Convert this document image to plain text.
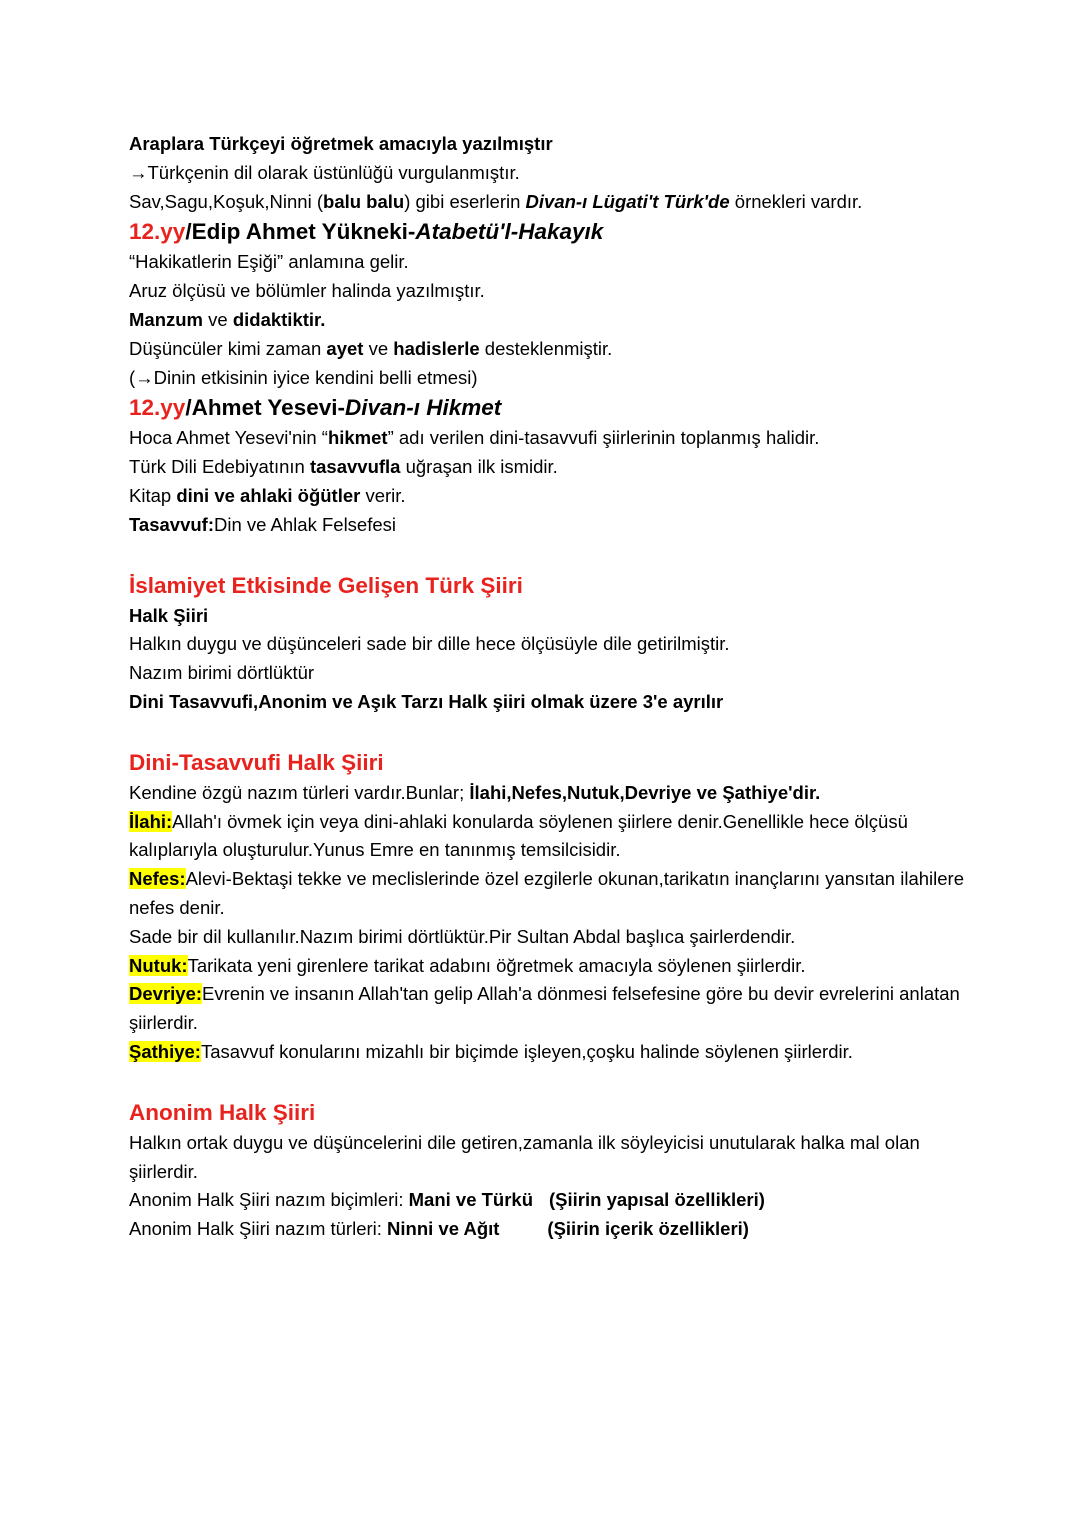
Araplara Türkçeyi öğretmek amacıyla yazılmıştır
→Türkçenin dil olarak üstünlüğü vurgulanmıştır.
Sav,Sagu,Koşuk,Ninni (balu balu) gibi eserlerin Divan-ı Lügati't Türk'de örnekleri vardır.
12.yy/Edip Ahmet Yükneki-Atabetü'l-Hakayık
“Hakikatlerin Eşiği” anlamına gelir.
Aruz ölçüsü ve bölümler halinda yazılmıştır.
Manzum ve didaktiktir.
Düşüncüler kimi zaman ayet ve hadislerle desteklenmiştir.
(→Dinin etkisinin iyice kendini belli etmesi)
12.yy/Ahmet Yesevi-Divan-ı Hikmet
Hoca Ahmet Yesevi'nin “hikmet” adı verilen dini-tasavvufi şiirlerinin toplanmış halidir.
Türk Dili Edebiyatının tasavvufla uğraşan ilk ismidir.
Kitap dini ve ahlaki öğütler verir.
Tasavvuf:Din ve Ahlak Felsefesi
İslamiyet Etkisinde Gelişen Türk Şiiri
Halk Şiiri
Halkın duygu ve düşünceleri sade bir dille hece ölçüsüyle dile getirilmiştir.
Nazım birimi dörtlüktür
Dini Tasavvufi,Anonim ve Aşık Tarzı Halk şiiri olmak üzere 3'e ayrılır
Dini-Tasavvufi Halk Şiiri
Kendine özgü nazım türleri vardır.Bunlar; İlahi,Nefes,Nutuk,Devriye ve Şathiye'dir.
İlahi:Allah'ı övmek için veya dini-ahlaki konularda söylenen şiirlere denir.Genellikle hece ölçüsü kalıplarıyla oluşturulur.Yunus Emre en tanınmış temsilcisidir.
Nefes:Alevi-Bektaşi tekke ve meclislerinde özel ezgilerle okunan,tarikatın inançlarını yansıtan ilahilere nefes denir.
Sade bir dil kullanılır.Nazım birimi dörtlüktür.Pir Sultan Abdal başlıca şairlerdendir.
Nutuk:Tarikata yeni girenlere tarikat adabını öğretmek amacıyla söylenen şiirlerdir.
Devriye:Evrenin ve insanın Allah'tan gelip Allah'a dönmesi felsefesine göre bu devir evrelerini anlatan şiirlerdir.
Şathiye:Tasavvuf konularını mizahlı bir biçimde işleyen,çoşku halinde söylenen şiirlerdir.
Anonim Halk Şiiri
Halkın ortak duygu ve düşüncelerini dile getiren,zamanla ilk söyleyicisi unutularak halka mal olan şiirlerdir.
Anonim Halk Şiiri nazım biçimleri: Mani ve Türkü (Şiirin yapısal özellikleri)
Anonim Halk Şiiri nazım türleri: Ninni ve Ağıt	(Şiirin içerik özellikleri)
